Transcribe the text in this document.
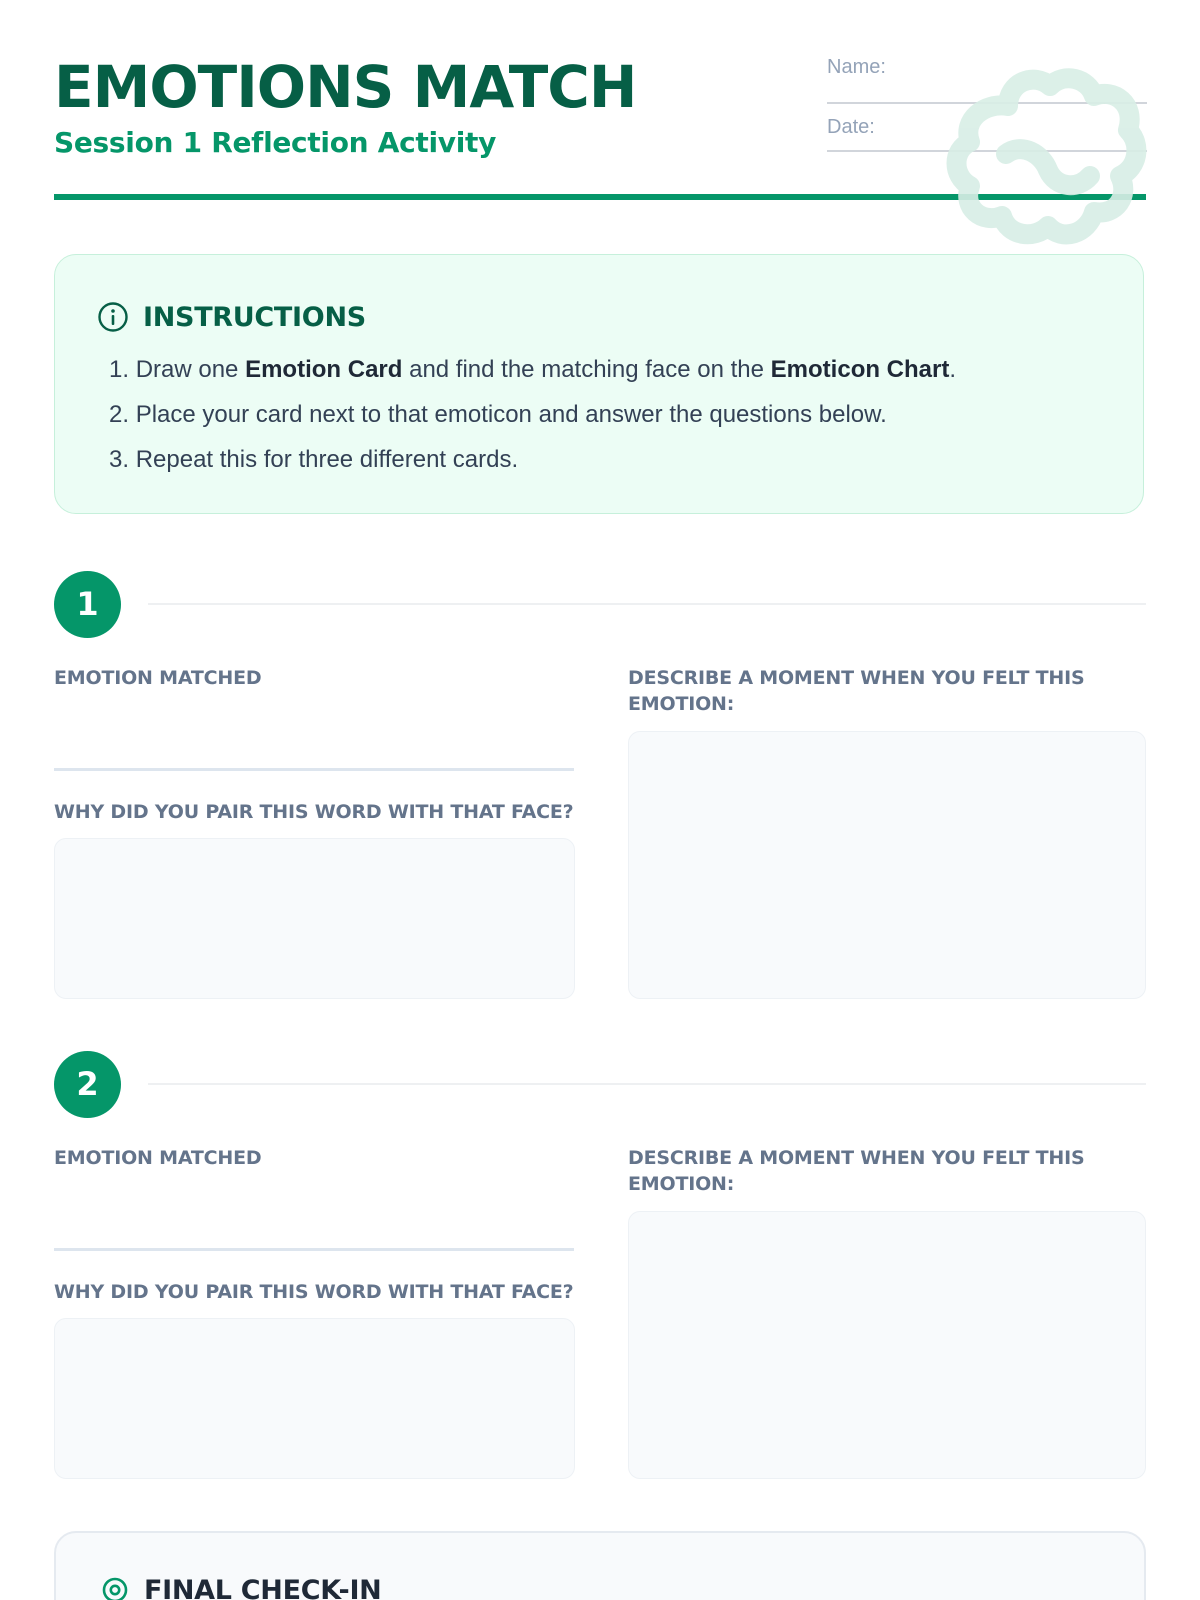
EMOTIONS MATCH
Session 1 Reflection Activity
Name:
Date:
INSTRUCTIONS
1. Draw one Emotion Card and find the matching face on the Emoticon Chart.
2. Place your card next to that emoticon and answer the questions below.
3. Repeat this for three different cards.
1
EMOTION MATCHED
WHY DID YOU PAIR THIS WORD WITH THAT FACE?
DESCRIBE A MOMENT WHEN YOU FELT THIS EMOTION:
2
EMOTION MATCHED
WHY DID YOU PAIR THIS WORD WITH THAT FACE?
DESCRIBE A MOMENT WHEN YOU FELT THIS EMOTION:
FINAL CHECK-IN
